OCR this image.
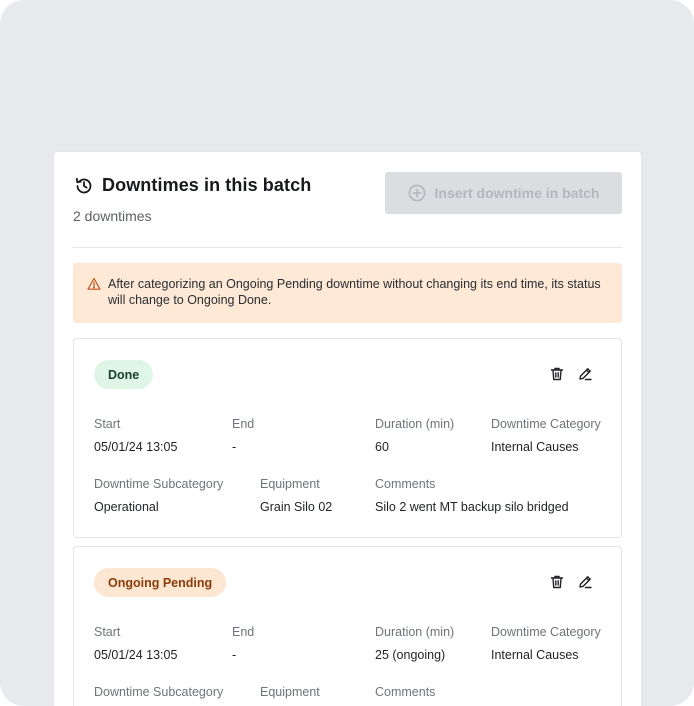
Downtimes in this batch
2 downtimes
Insert downtime in batch
After categorizing an Ongoing Pending downtime without changing its end time, its status will change to Ongoing Done.
Done
Start
05/01/24 13:05
End
-
Duration (min)
60
Downtime Category
Internal Causes
Downtime Subcategory
Operational
Equipment
Grain Silo 02
Comments
Silo 2 went MT backup silo bridged
Ongoing Pending
Start
05/01/24 13:05
End
-
Duration (min)
25 (ongoing)
Downtime Category
Internal Causes
Downtime Subcategory	Equipment	Comments
